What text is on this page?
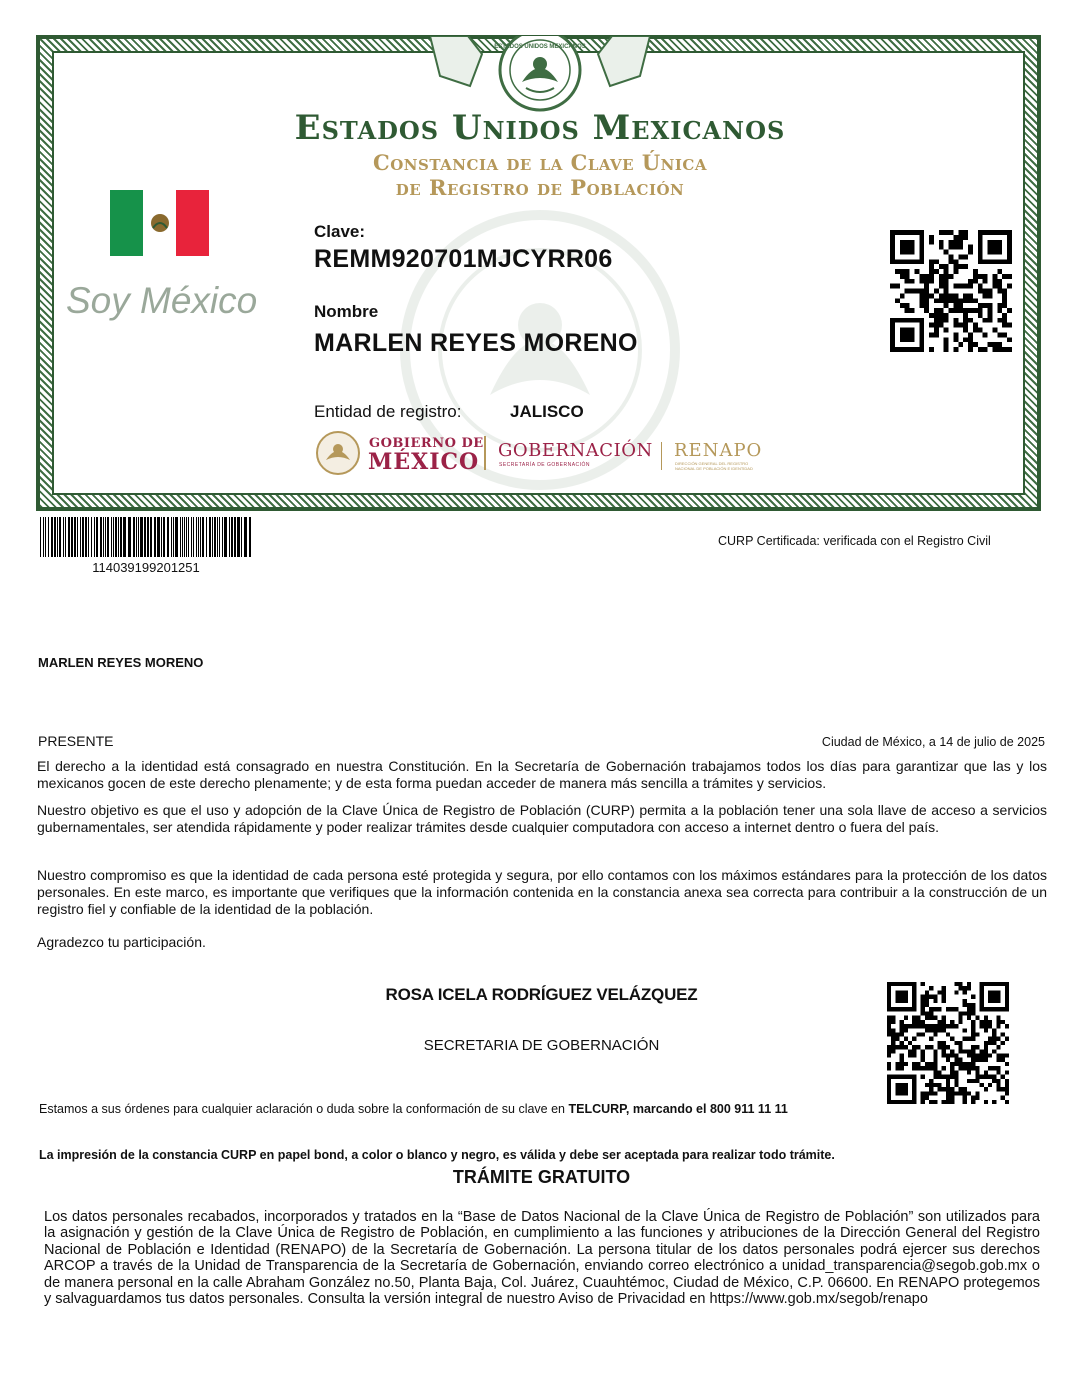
ESTADOS UNIDOS MEXICANOS
Estados Unidos Mexicanos
Constancia de la Clave Única
de Registro de Población
Soy México
Clave:
REMM920701MJCYRR06
Nombre
MARLEN REYES MORENO
Entidad de registro:	JALISCO
GOBIERNO DE
MÉXICO GOBERNACIÓN
SECRETARÍA DE GOBERNACIÓN
RENAPO
DIRECCIÓN GENERAL DEL REGISTRO
NACIONAL DE POBLACIÓN E IDENTIDAD
114039199201251
CURP Certificada: verificada con el Registro Civil
MARLEN REYES MORENO
PRESENTE	Ciudad de México, a 14 de julio de 2025
El derecho a la identidad está consagrado en nuestra Constitución. En la Secretaría de Gobernación trabajamos todos los días para garantizar que las y los mexicanos gocen de este derecho plenamente; y de esta forma puedan acceder de manera más sencilla a trámites y servicios.
Nuestro objetivo es que el uso y adopción de la Clave Única de Registro de Población (CURP) permita a la población tener una sola llave de acceso a servicios gubernamentales, ser atendida rápidamente y poder realizar trámites desde cualquier computadora con acceso a internet dentro o fuera del país.
Nuestro compromiso es que la identidad de cada persona esté protegida y segura, por ello contamos con los máximos estándares para la protección de los datos personales. En este marco, es importante que verifiques que la información contenida en la constancia anexa sea correcta para contribuir a la construcción de un registro fiel y confiable de la identidad de la población.
Agradezco tu participación.
ROSA ICELA RODRÍGUEZ VELÁZQUEZ
SECRETARIA DE GOBERNACIÓN
Estamos a sus órdenes para cualquier aclaración o duda sobre la conformación de su clave en TELCURP, marcando el 800 911 11 11
La impresión de la constancia CURP en papel bond, a color o blanco y negro, es válida y debe ser aceptada para realizar todo trámite.
TRÁMITE GRATUITO
Los datos personales recabados, incorporados y tratados en la “Base de Datos Nacional de la Clave Única de Registro de Población” son utilizados para la asignación y gestión de la Clave Única de Registro de Población, en cumplimiento a las funciones y atribuciones de la Dirección General del Registro Nacional de Población e Identidad (RENAPO) de la Secretaría de Gobernación. La persona titular de los datos personales podrá ejercer sus derechos ARCOP a través de la Unidad de Transparencia de la Secretaría de Gobernación, enviando correo electrónico a unidad_transparencia@segob.gob.mx o de manera personal en la calle Abraham González no.50, Planta Baja, Col. Juárez, Cuauhtémoc, Ciudad de México, C.P. 06600. En RENAPO protegemos y salvaguardamos tus datos personales. Consulta la versión integral de nuestro Aviso de Privacidad en https://www.gob.mx/segob/renapo
